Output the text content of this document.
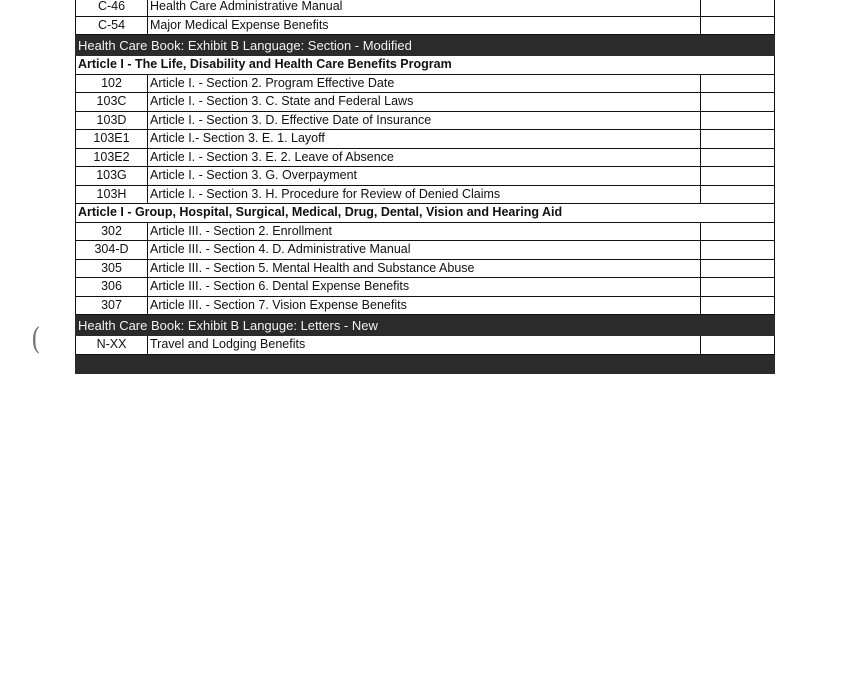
(
C-46	Health Care Administrative Manual	
C-54	Major Medical Expense Benefits	
Health Care Book: Exhibit B Language: Section - Modified		
Article I - The Life, Disability and Health Care Benefits Program		
102	Article I. - Section 2. Program Effective Date	
103C	Article I. - Section 3. C. State and Federal Laws	
103D	Article I. - Section 3. D. Effective Date of Insurance	
103E1	Article I.- Section 3. E. 1. Layoff	
103E2	Article I. - Section 3. E. 2. Leave of Absence	
103G	Article I. - Section 3. G. Overpayment	
103H	Article I. - Section 3. H. Procedure for Review of Denied Claims	
Article I - Group, Hospital, Surgical, Medical, Drug, Dental, Vision and Hearing Aid		
302	Article III. - Section 2. Enrollment	
304-D	Article III. - Section 4. D. Administrative Manual	
305	Article III. - Section 5. Mental Health and Substance Abuse	
306	Article III. - Section 6. Dental Expense Benefits	
307	Article III. - Section 7. Vision Expense Benefits	
Health Care Book: Exhibit B Languge: Letters - New		
N-XX	Travel and Lodging Benefits	
